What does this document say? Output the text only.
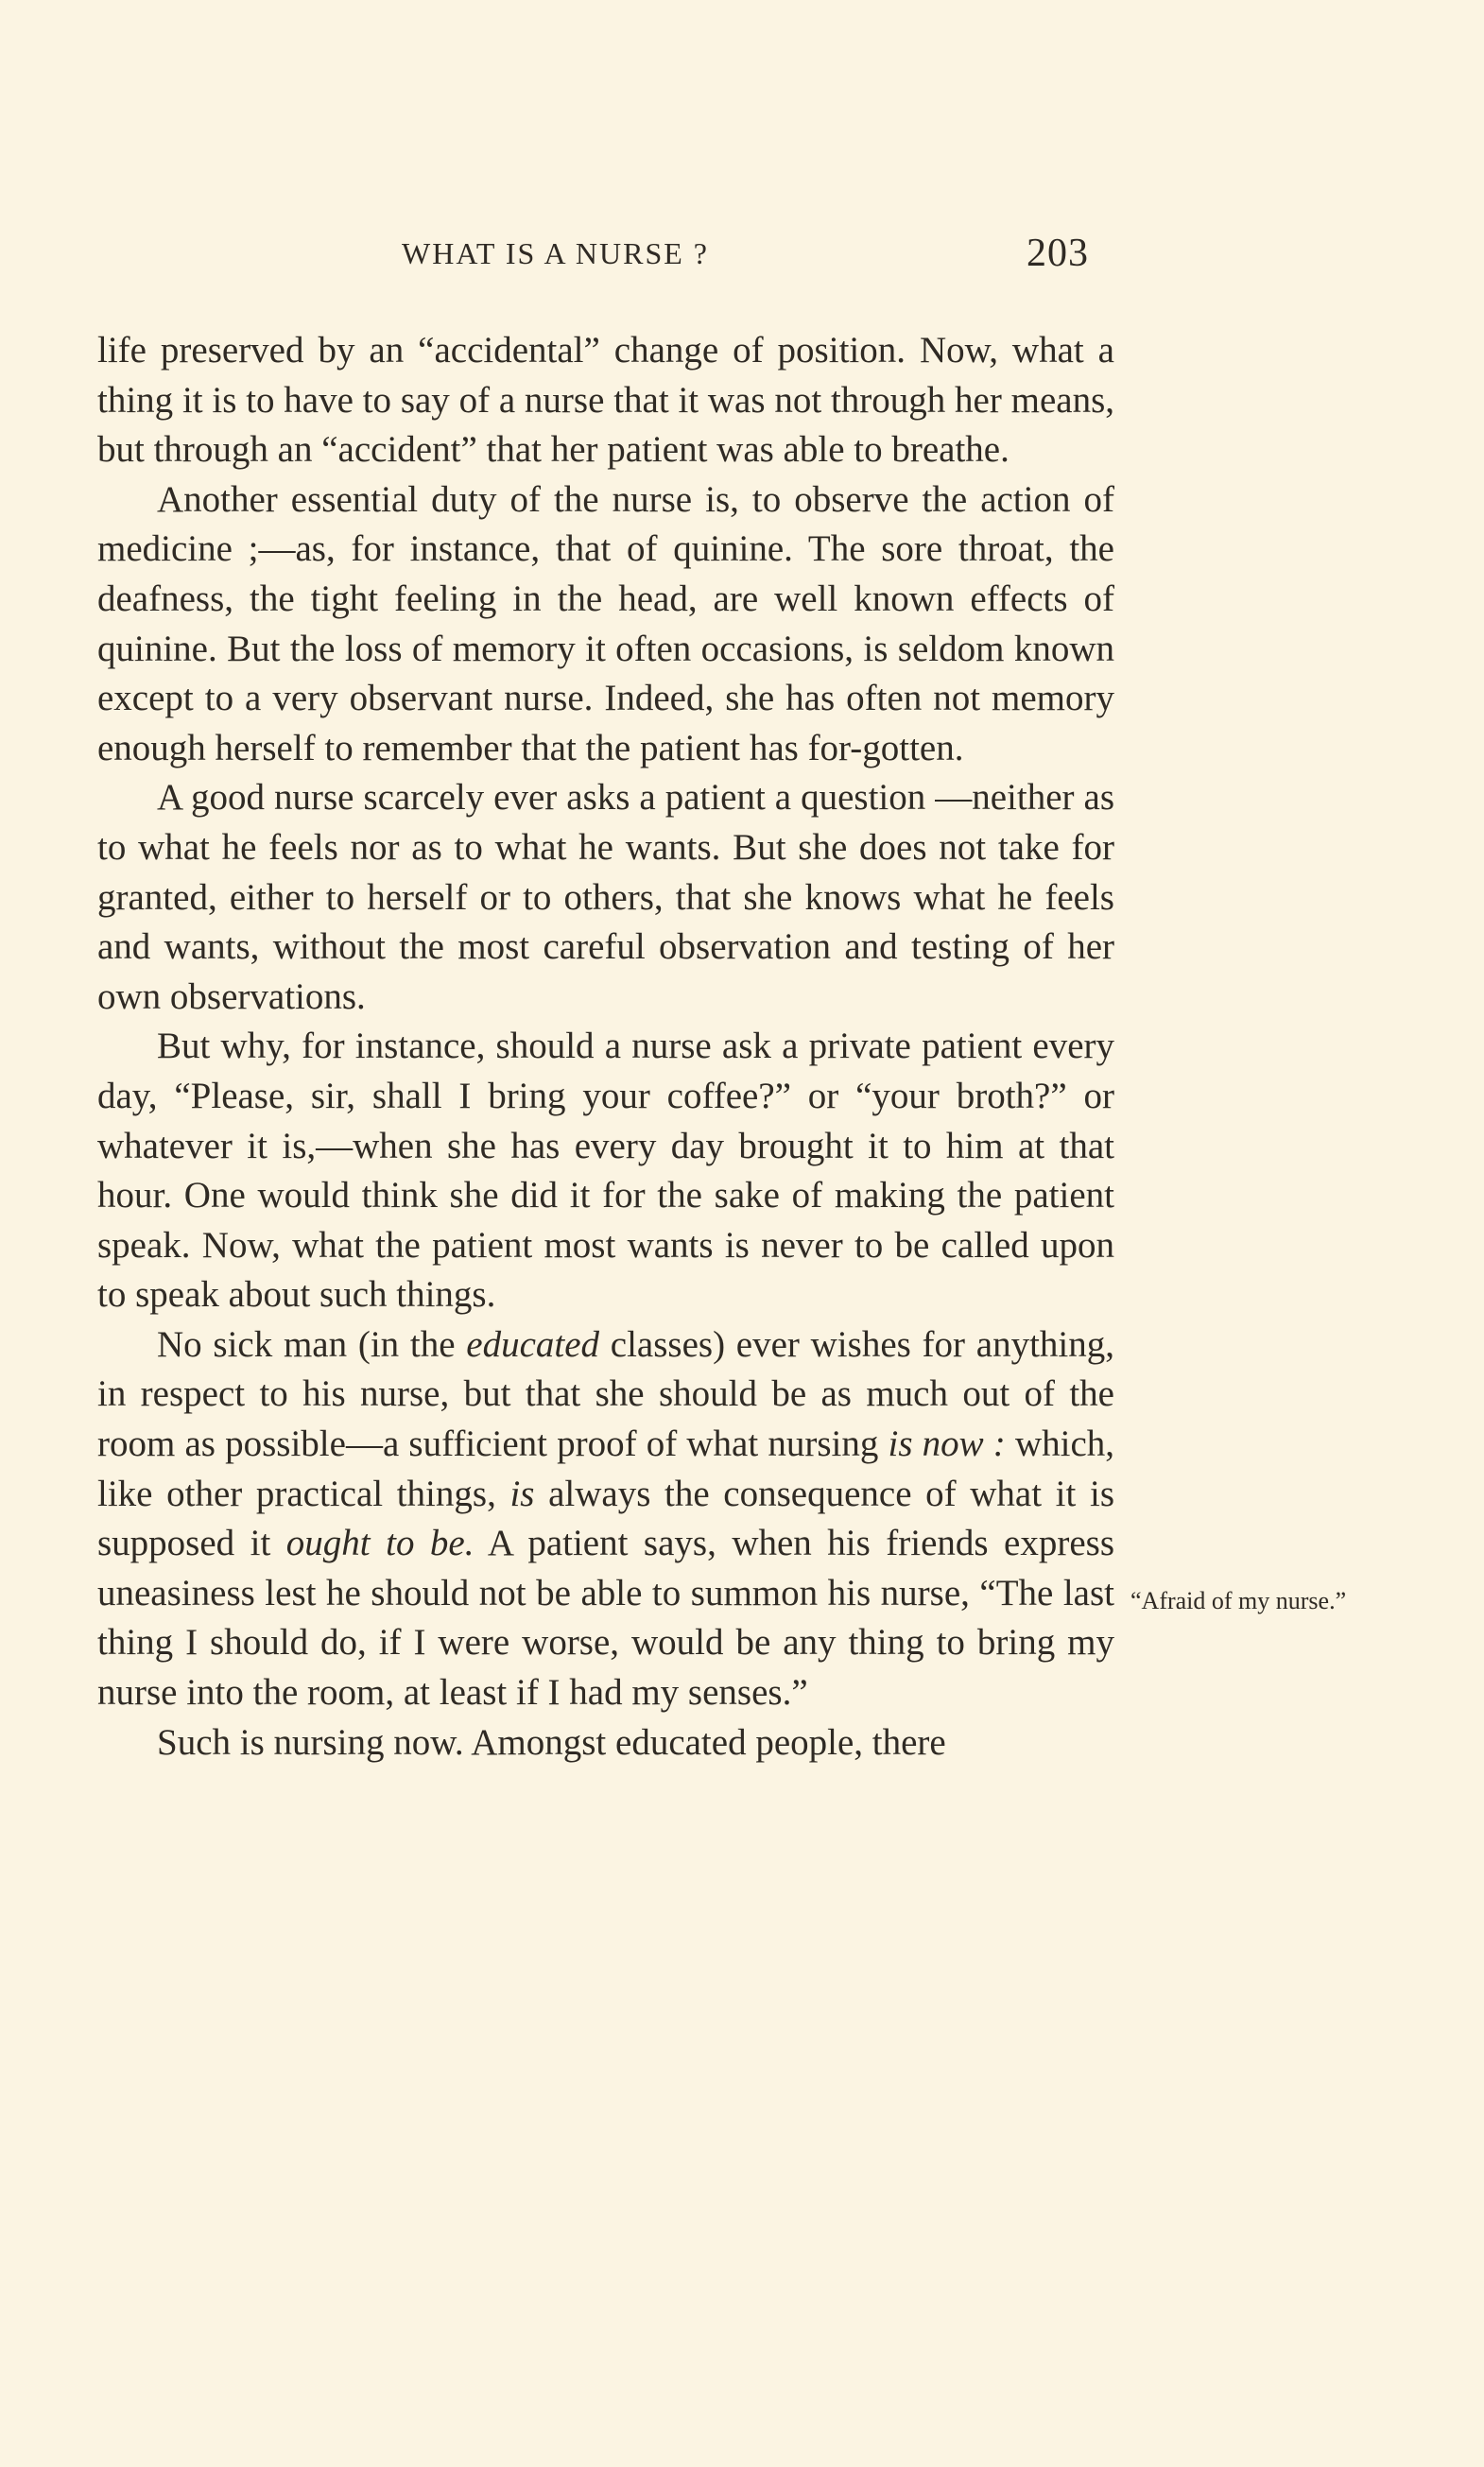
WHAT IS A NURSE ?	203

life preserved by an “accidental” change of position. Now, what a thing it is to have to say of a nurse that it was not through her means, but through an “accident” that her patient was able to breathe.

Another essential duty of the nurse is, to observe the action of medicine ;—as, for instance, that of quinine. The sore throat, the deafness, the tight feeling in the head, are well known effects of quinine. But the loss of memory it often occasions, is seldom known except to a very observant nurse. Indeed, she has often not memory enough herself to remember that the patient has for-gotten.

A good nurse scarcely ever asks a patient a question —neither as to what he feels nor as to what he wants. But she does not take for granted, either to herself or to others, that she knows what he feels and wants, without the most careful observation and testing of her own observations.

But why, for instance, should a nurse ask a private patient every day, “Please, sir, shall I bring your coffee?” or “your broth?” or whatever it is,—when she has every day brought it to him at that hour. One would think she did it for the sake of making the patient speak. Now, what the patient most wants is never to be called upon to speak about such things.

No sick man (in the educated classes) ever wishes for anything, in respect to his nurse, but that she should be as much out of the room as possible—a sufficient proof of what nursing is now : which, like other practical things, is always the consequence of what it is supposed it ought to be. A patient says, when his friends express uneasiness lest he should not be able to summon his nurse, “The last thing I should do, if I were worse, would be any thing to bring my nurse into the room, at least if I had my senses.”

Such is nursing now. Amongst educated people, there

“Afraid of my nurse.”
